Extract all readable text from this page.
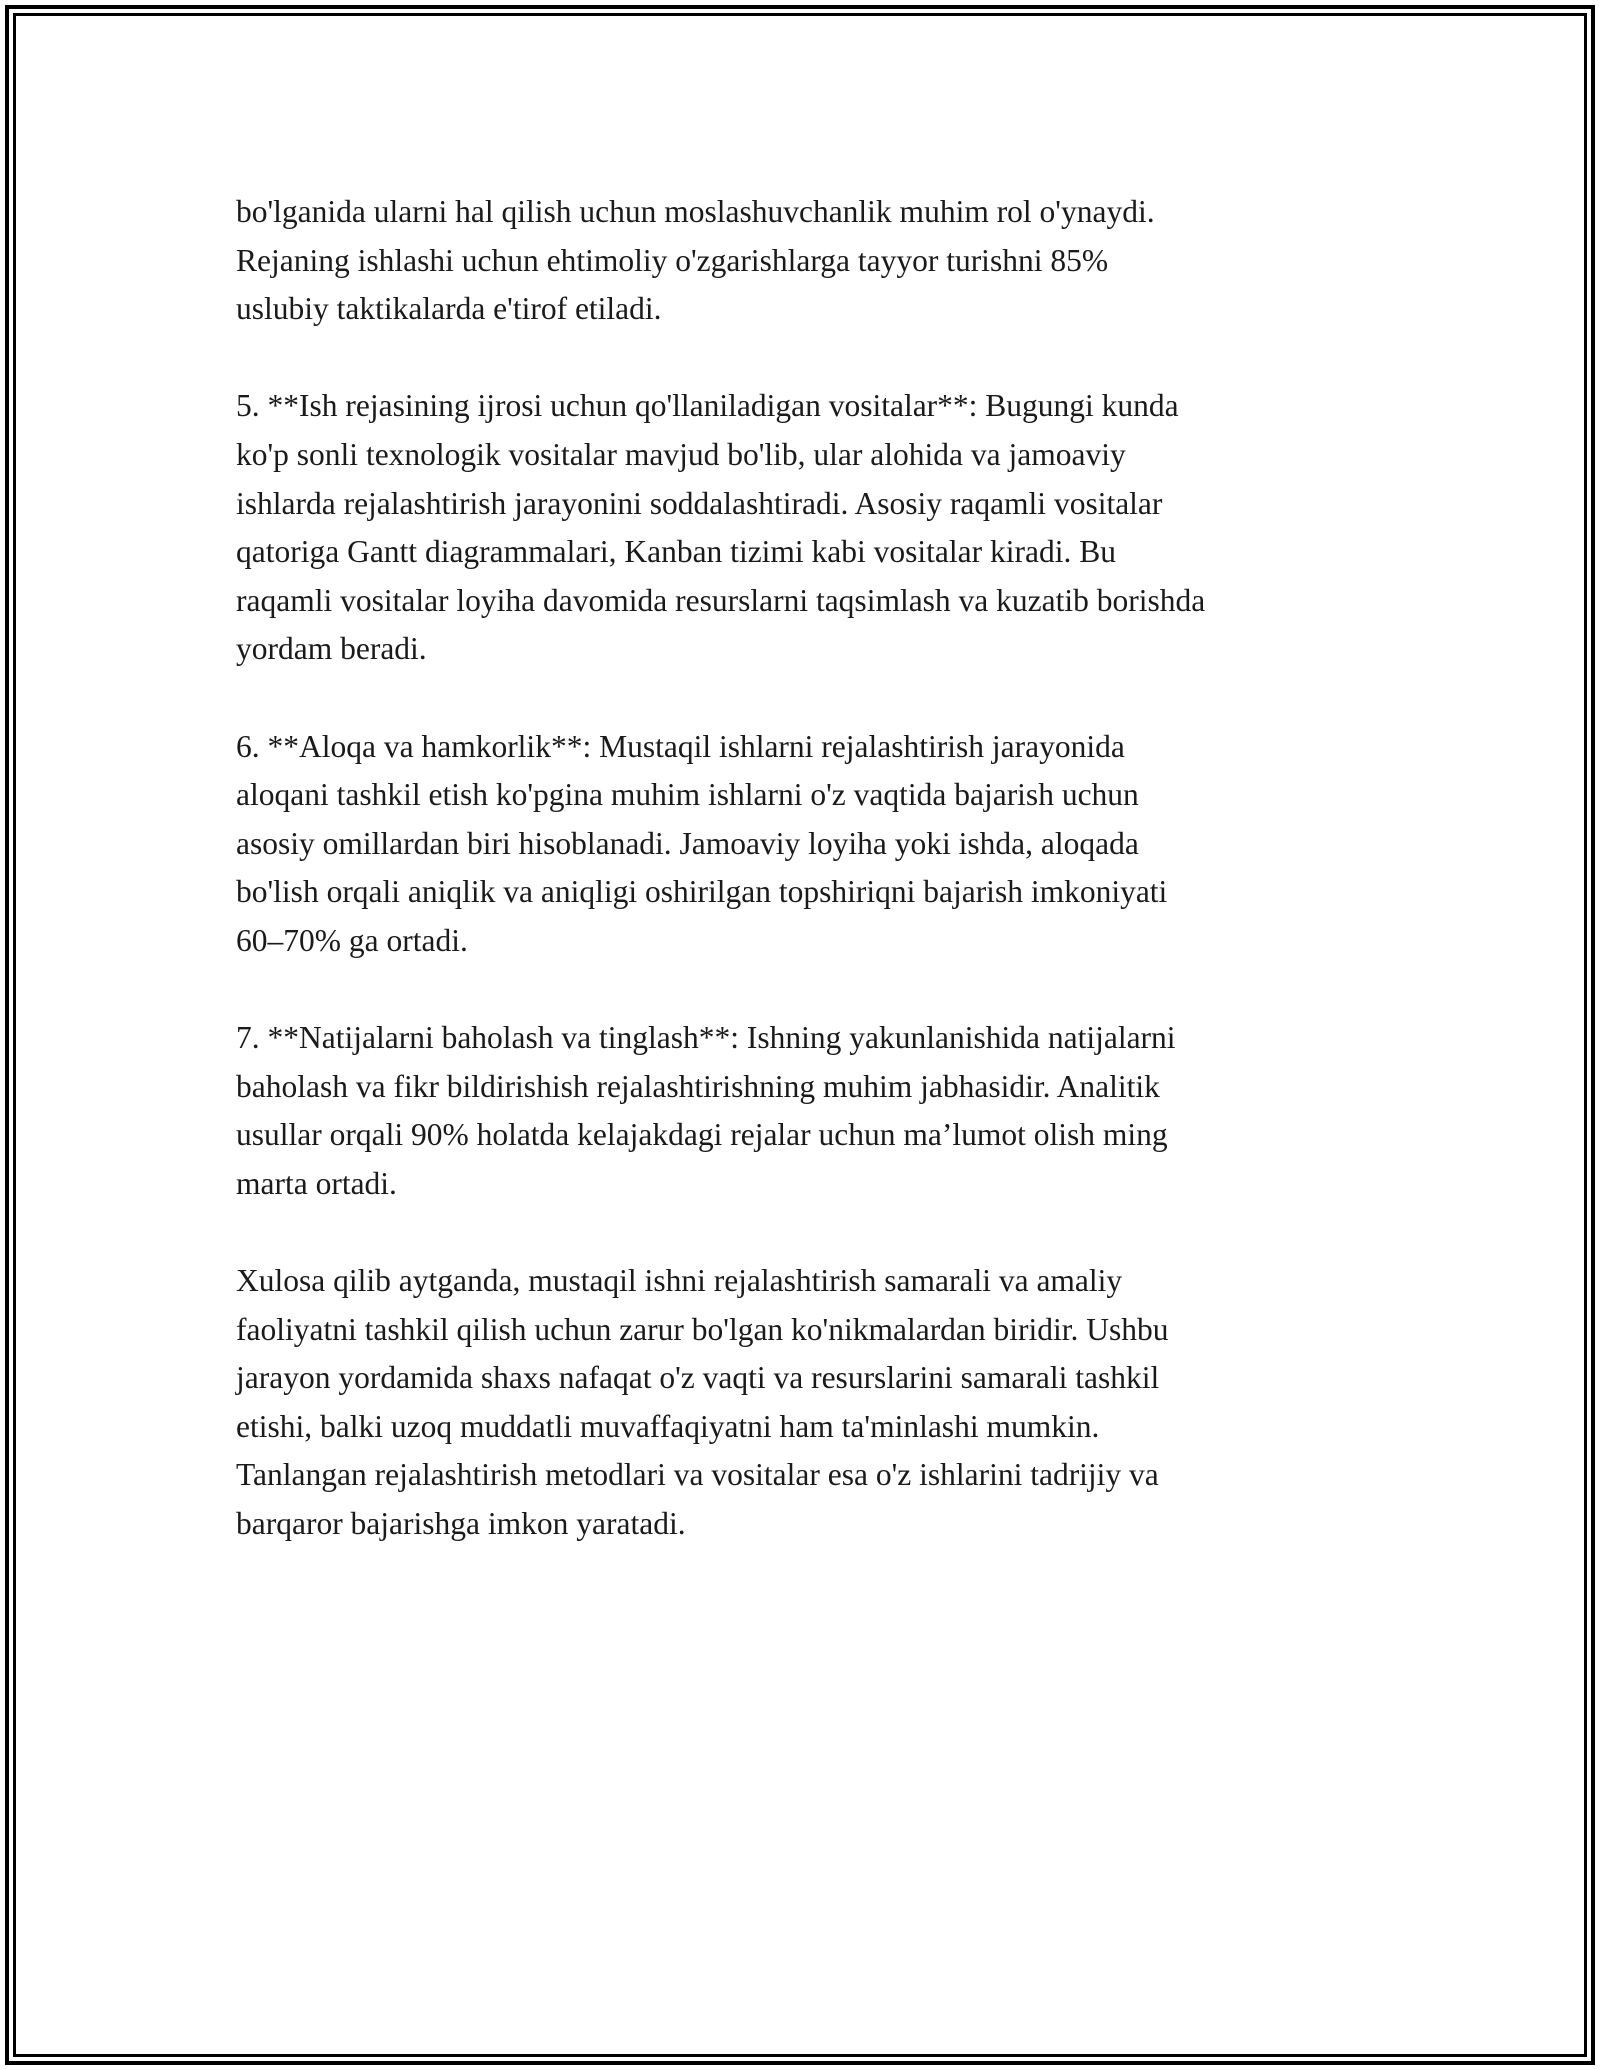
bo'lganida ularni hal qilish uchun moslashuvchanlik muhim rol o'ynaydi.
Rejaning ishlashi uchun ehtimoliy o'zgarishlarga tayyor turishni 85%
uslubiy taktikalarda e'tirof etiladi.

5. **Ish rejasining ijrosi uchun qo'llaniladigan vositalar**: Bugungi kunda
ko'p sonli texnologik vositalar mavjud bo'lib, ular alohida va jamoaviy
ishlarda rejalashtirish jarayonini soddalashtiradi. Asosiy raqamli vositalar
qatoriga Gantt diagrammalari, Kanban tizimi kabi vositalar kiradi. Bu
raqamli vositalar loyiha davomida resurslarni taqsimlash va kuzatib borishda
yordam beradi.

6. **Aloqa va hamkorlik**: Mustaqil ishlarni rejalashtirish jarayonida
aloqani tashkil etish ko'pgina muhim ishlarni o'z vaqtida bajarish uchun
asosiy omillardan biri hisoblanadi. Jamoaviy loyiha yoki ishda, aloqada
bo'lish orqali aniqlik va aniqligi oshirilgan topshiriqni bajarish imkoniyati
60–70% ga ortadi.

7. **Natijalarni baholash va tinglash**: Ishning yakunlanishida natijalarni
baholash va fikr bildirishish rejalashtirishning muhim jabhasidir. Analitik
usullar orqali 90% holatda kelajakdagi rejalar uchun ma’lumot olish ming
marta ortadi.

Xulosa qilib aytganda, mustaqil ishni rejalashtirish samarali va amaliy
faoliyatni tashkil qilish uchun zarur bo'lgan ko'nikmalardan biridir. Ushbu
jarayon yordamida shaxs nafaqat o'z vaqti va resurslarini samarali tashkil
etishi, balki uzoq muddatli muvaffaqiyatni ham ta'minlashi mumkin.
Tanlangan rejalashtirish metodlari va vositalar esa o'z ishlarini tadrijiy va
barqaror bajarishga imkon yaratadi.
